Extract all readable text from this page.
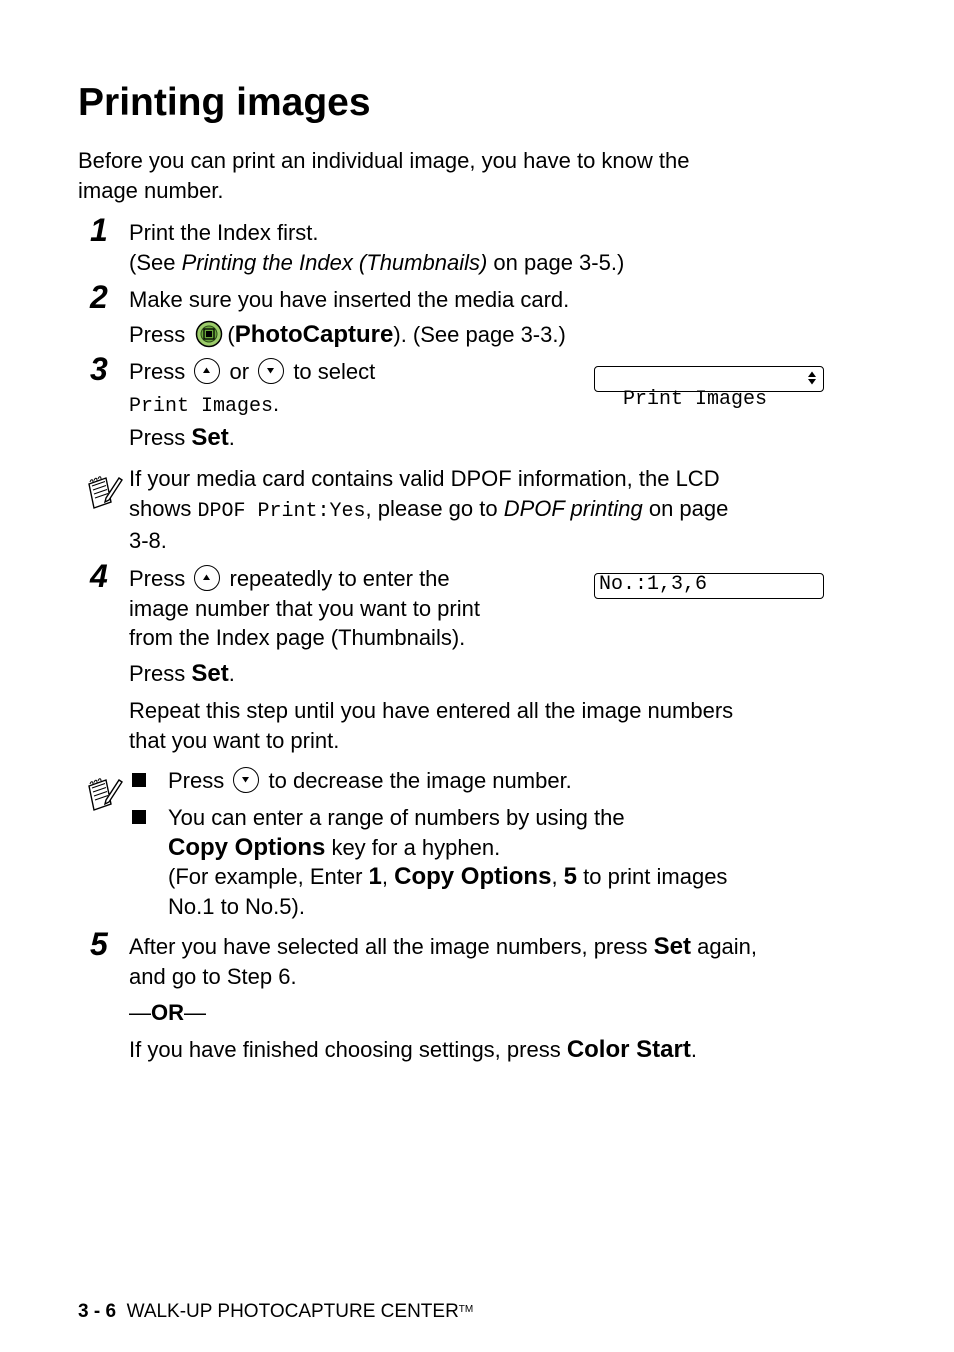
Printing images
Before you can print an individual image, you have to know the
image number.
1 Print the Index first.
(See Printing the Index (Thumbnails) on page 3-5.)
2 Make sure you have inserted the media card.
Press (PhotoCapture). (See page 3-3.)
3 Press or to select
Print Images.
Press Set.

Print Images

If your media card contains valid DPOF information, the LCD
shows DPOF Print:Yes, please go to DPOF printing on page
3-8.
4 Press repeatedly to enter the
image number that you want to print
from the Index page (Thumbnails).
Press Set.
Repeat this step until you have entered all the image numbers
that you want to print.
No.:1,3,6
Press to decrease the image number.
You can enter a range of numbers by using the
Copy Options key for a hyphen.
(For example, Enter 1, Copy Options, 5 to print images
No.1 to No.5).
5 After you have selected all the image numbers, press Set again,
and go to Step 6.
—OR—
If you have finished choosing settings, press Color Start.
3 - 6 WALK-UP PHOTOCAPTURE CENTER™
